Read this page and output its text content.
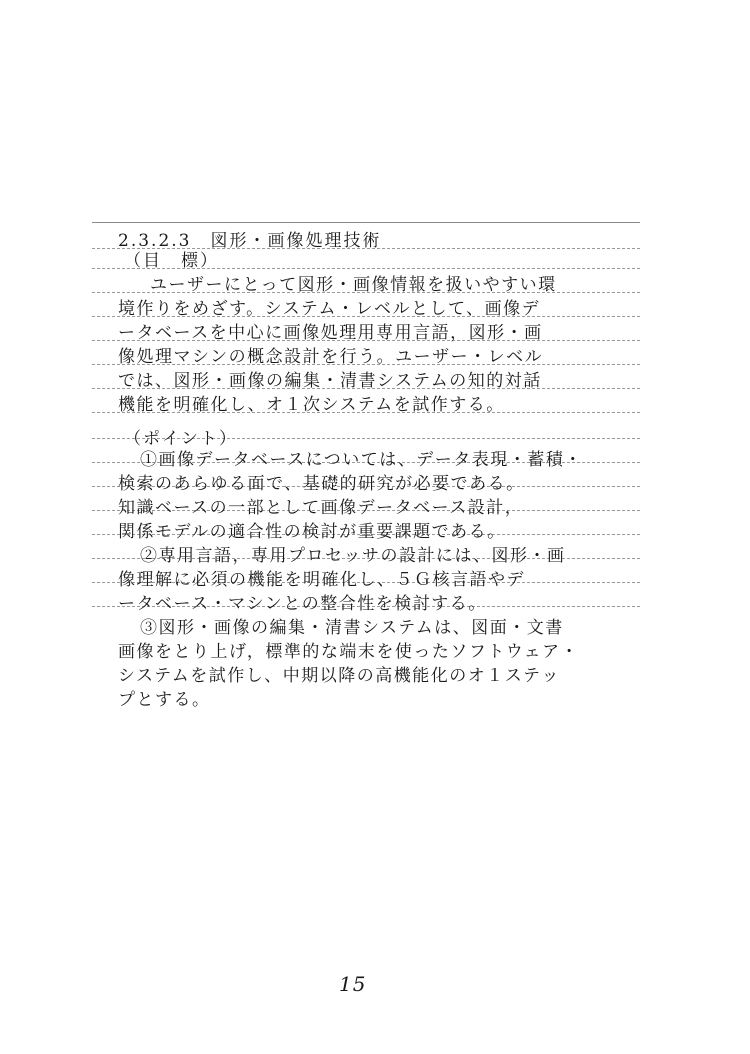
2.3.2.3　図形・画像処理技術
（目　標）
ユーザーにとって図形・画像情報を扱いやすい環
境作りをめざす。システム・レベルとして、画像デ
ータベースを中心に画像処理用専用言語，図形・画
像処理マシンの概念設計を行う。ユーザー・レベル
では、図形・画像の編集・清書システムの知的対話
機能を明確化し、オ１次システムを試作する。
（ポイント）
①画像データベースについては、データ表現・蓄積・
検索のあらゆる面で、基礎的研究が必要である。
知識ベースの一部として画像データベース設計，
関係モデルの適合性の検討が重要課題である。
②専用言語，専用プロセッサの設計には、図形・画
像理解に必須の機能を明確化し、５Ｇ核言語やデ
ータベース・マシンとの整合性を検討する。
③図形・画像の編集・清書システムは、図面・文書
画像をとり上げ，標準的な端末を使ったソフトウェア・
システムを試作し、中期以降の高機能化のオ１ステッ
プとする。
15
